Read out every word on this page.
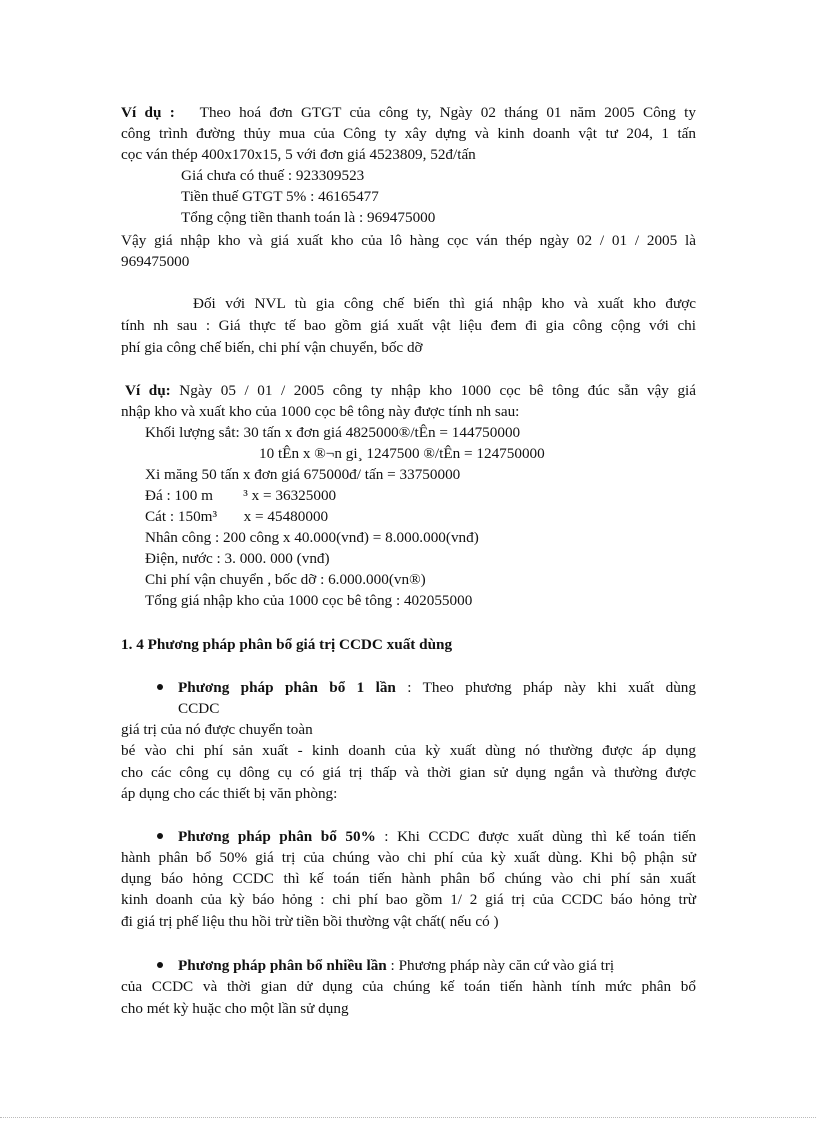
Ví dụ : Theo hoá đơn GTGT của công ty, Ngày 02 tháng 01 năm 2005 Công ty
công trình đường thủy mua của Công ty xây dựng và kinh doanh vật tư 204, 1 tấn
cọc ván thép 400x170x15, 5 với đơn giá 4523809, 52đ/tấn
Giá chưa có thuế : 923309523
Tiền thuế GTGT 5% : 46165477
Tổng cộng tiền thanh toán là : 969475000
Vậy giá nhập kho và giá xuất kho của lô hàng cọc ván thép ngày 02 / 01 / 2005 là
969475000
Đối với NVL tù gia công chế biến thì giá nhập kho và xuất kho được
tính nh sau : Giá thực tế bao gồm giá xuất vật liệu đem đi gia công cộng với chi
phí gia công chế biến, chi phí vận chuyển, bốc dỡ
Ví dụ: Ngày 05 / 01 / 2005 công ty nhập kho 1000 cọc bê tông đúc sẵn vậy giá
nhập kho và xuất kho của 1000 cọc bê tông này được tính nh sau:
Khối lượng sắt: 30 tấn x đơn giá 4825000®/tÊn = 144750000
10 tÊn x ®¬n gi¸ 1247500 ®/tÊn = 124750000
Xi măng 50 tấn x đơn giá 675000đ/ tấn = 33750000
Đá : 100 m        ³ x = 36325000
Cát : 150m³       x = 45480000
Nhân công : 200 công x 40.000(vnđ) = 8.000.000(vnđ)
Điện, nước : 3. 000. 000 (vnđ)
Chi phí vận chuyển , bốc dỡ : 6.000.000(vn®)
Tổng giá nhập kho của 1000 cọc bê tông : 402055000
1. 4 Phương pháp phân bổ giá trị CCDC xuất dùng
Phương pháp phân bổ 1 lần : Theo phương pháp này khi xuất dùng
CCDC
giá trị của nó được chuyển toàn
bé vào chi phí sản xuất - kinh doanh của kỳ xuất dùng nó thường được áp dụng
cho các công cụ dông cụ có giá trị thấp và thời gian sử dụng ngắn và thường được
áp dụng cho các thiết bị văn phòng:
Phương pháp phân bổ 50% : Khi CCDC được xuất dùng thì kế toán tiến
hành phân bổ 50% giá trị của chúng vào chi phí của kỳ xuất dùng. Khi bộ phận sử
dụng báo hỏng CCDC thì kế toán tiến hành phân bổ chúng vào chi phí sản xuất
kinh doanh của kỳ báo hỏng : chi phí bao gồm 1/ 2 giá trị của CCDC báo hỏng trừ
đi giá trị phế liệu thu hồi trừ tiền bồi thường vật chất( nếu có )
Phương pháp phân bổ nhiều lần : Phương pháp này căn cứ vào giá trị
của CCDC và thời gian dử dụng của chúng kế toán tiến hành tính mức phân bổ
cho mét kỳ huặc cho một lần sử dụng
